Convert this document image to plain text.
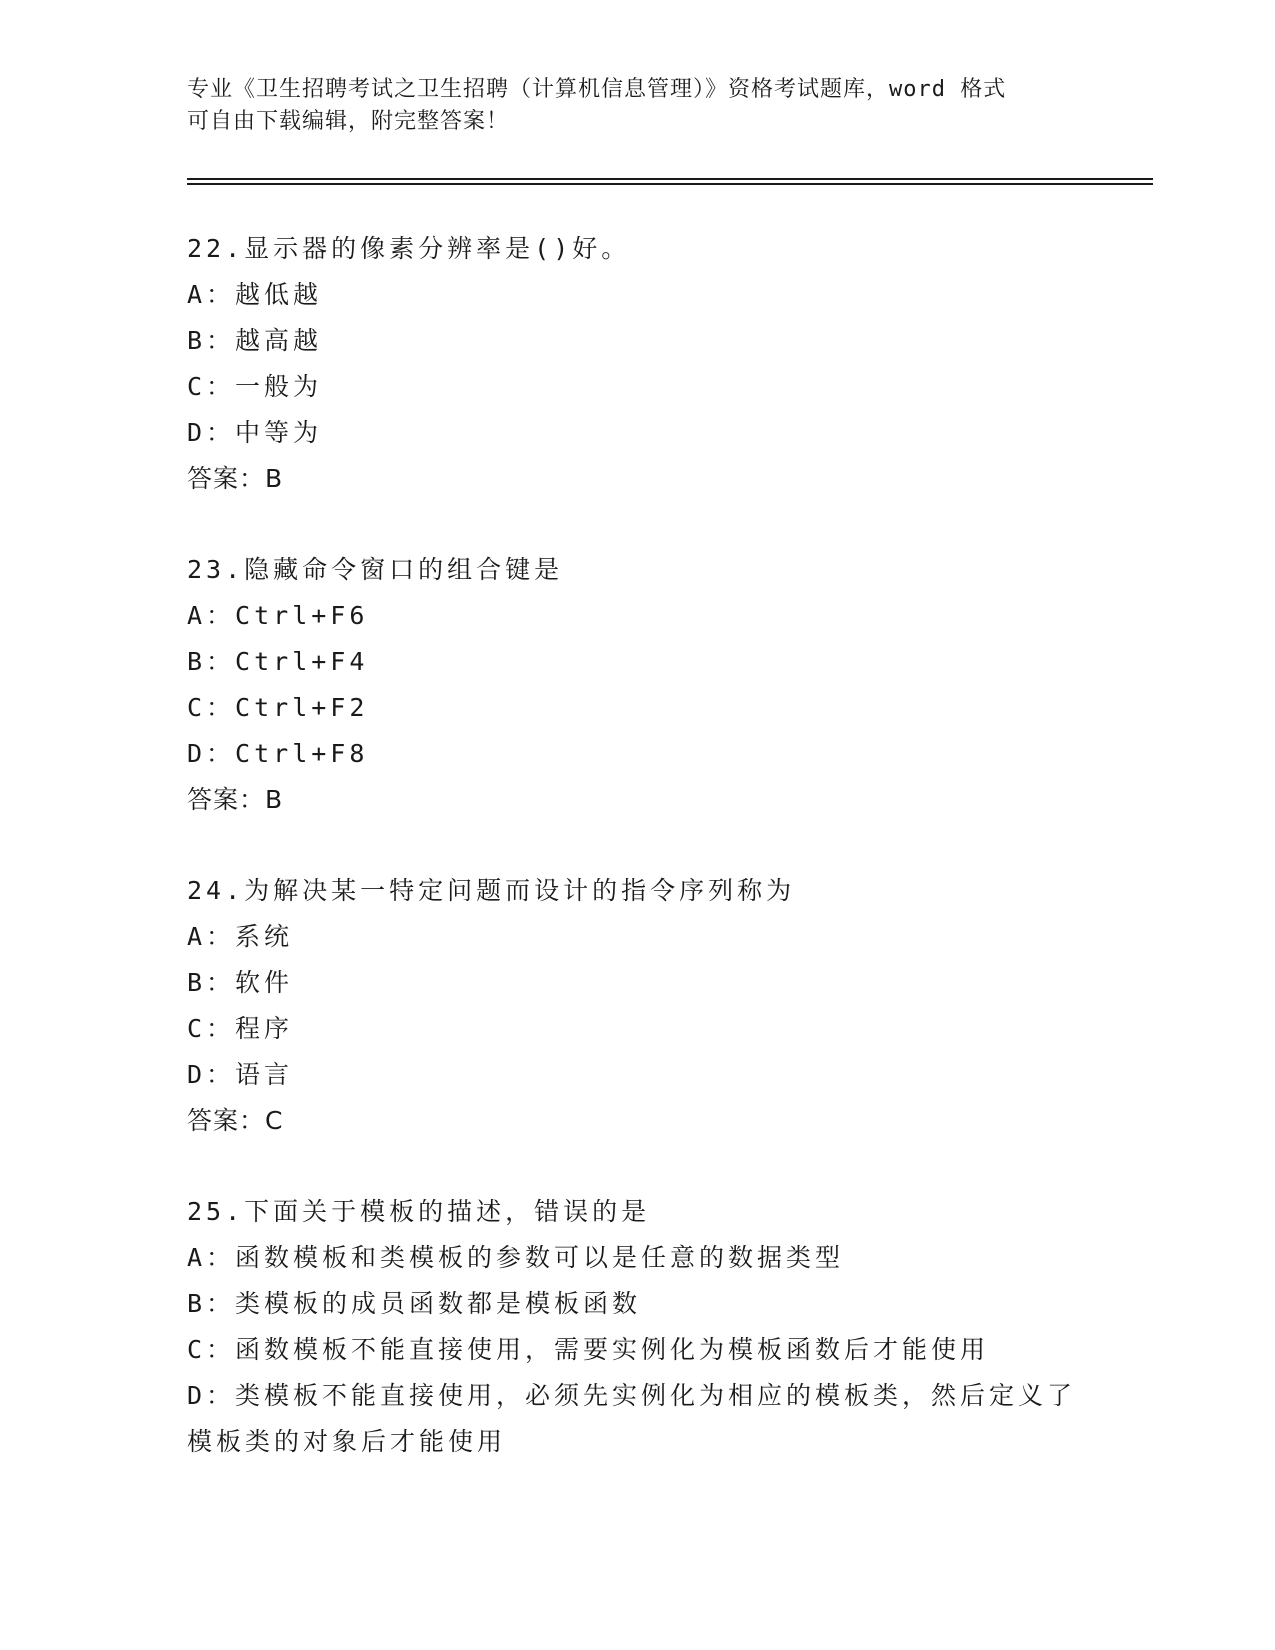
专业《卫生招聘考试之卫生招聘（计算机信息管理）》资格考试题库，word 格式
可自由下载编辑，附完整答案！
22.显示器的像素分辨率是()好。
A：越低越
B：越高越
C：一般为
D：中等为
答案：B
23.隐藏命令窗口的组合键是
A：Ctrl+F6
B：Ctrl+F4
C：Ctrl+F2
D：Ctrl+F8
答案：B
24.为解决某一特定问题而设计的指令序列称为
A：系统
B：软件
C：程序
D：语言
答案：C
25.下面关于模板的描述，错误的是
A：函数模板和类模板的参数可以是任意的数据类型
B：类模板的成员函数都是模板函数
C：函数模板不能直接使用，需要实例化为模板函数后才能使用
D：类模板不能直接使用，必须先实例化为相应的模板类，然后定义了
模板类的对象后才能使用
